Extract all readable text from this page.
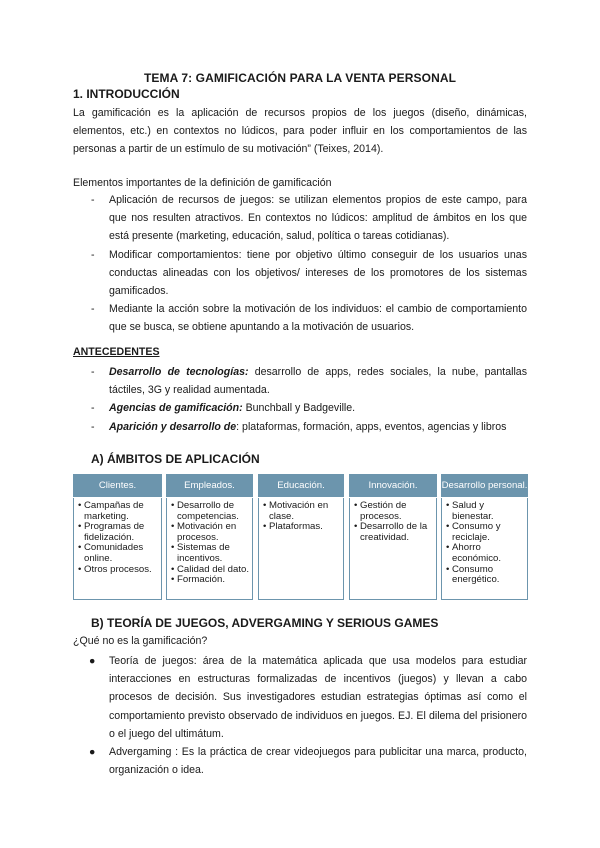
TEMA 7: GAMIFICACIÓN PARA LA VENTA PERSONAL
1. INTRODUCCIÓN
La gamificación es la aplicación de recursos propios de los juegos (diseño, dinámicas, elementos, etc.) en contextos no lúdicos, para poder influir en los comportamientos de las personas a partir de un estímulo de su motivación” (Teixes, 2014).
Elementos importantes de la definición de gamificación
- Aplicación de recursos de juegos: se utilizan elementos propios de este campo, para que nos resulten atractivos. En contextos no lúdicos: amplitud de ámbitos en los que está presente (marketing, educación, salud, política o tareas cotidianas).
- Modificar comportamientos: tiene por objetivo último conseguir de los usuarios unas conductas alineadas con los objetivos/ intereses de los promotores de los sistemas gamificados.
- Mediante la acción sobre la motivación de los individuos: el cambio de comportamiento que se busca, se obtiene apuntando a la motivación de usuarios.
ANTECEDENTES
- Desarrollo de tecnologías: desarrollo de apps, redes sociales, la nube, pantallas táctiles, 3G y realidad aumentada.
- Agencias de gamificación: Bunchball y Badgeville.
- Aparición y desarrollo de: plataformas, formación, apps, eventos, agencias y libros
A) ÁMBITOS DE APLICACIÓN
Clientes.
• Campañas de marketing.
• Programas de fidelización.
• Comunidades online.
• Otros procesos.
Empleados.
• Desarrollo de competencias.
• Motivación en procesos.
• Sistemas de incentivos.
• Calidad del dato.
• Formación.
Educación.
• Motivación en clase.
• Plataformas.
Innovación.
• Gestión de procesos.
• Desarrollo de la creatividad.
Desarrollo personal.
• Salud y bienestar.
• Consumo y reciclaje.
• Ahorro económico.
• Consumo energético.
B) TEORÍA DE JUEGOS, ADVERGAMING Y SERIOUS GAMES
¿Qué no es la gamificación?
● Teoría de juegos: área de la matemática aplicada que usa modelos para estudiar interacciones en estructuras formalizadas de incentivos (juegos) y llevan a cabo procesos de decisión. Sus investigadores estudian estrategias óptimas así como el comportamiento previsto observado de individuos en juegos. EJ. El dilema del prisionero o el juego del ultimátum.
● Advergaming : Es la práctica de crear videojuegos para publicitar una marca, producto, organización o idea.
